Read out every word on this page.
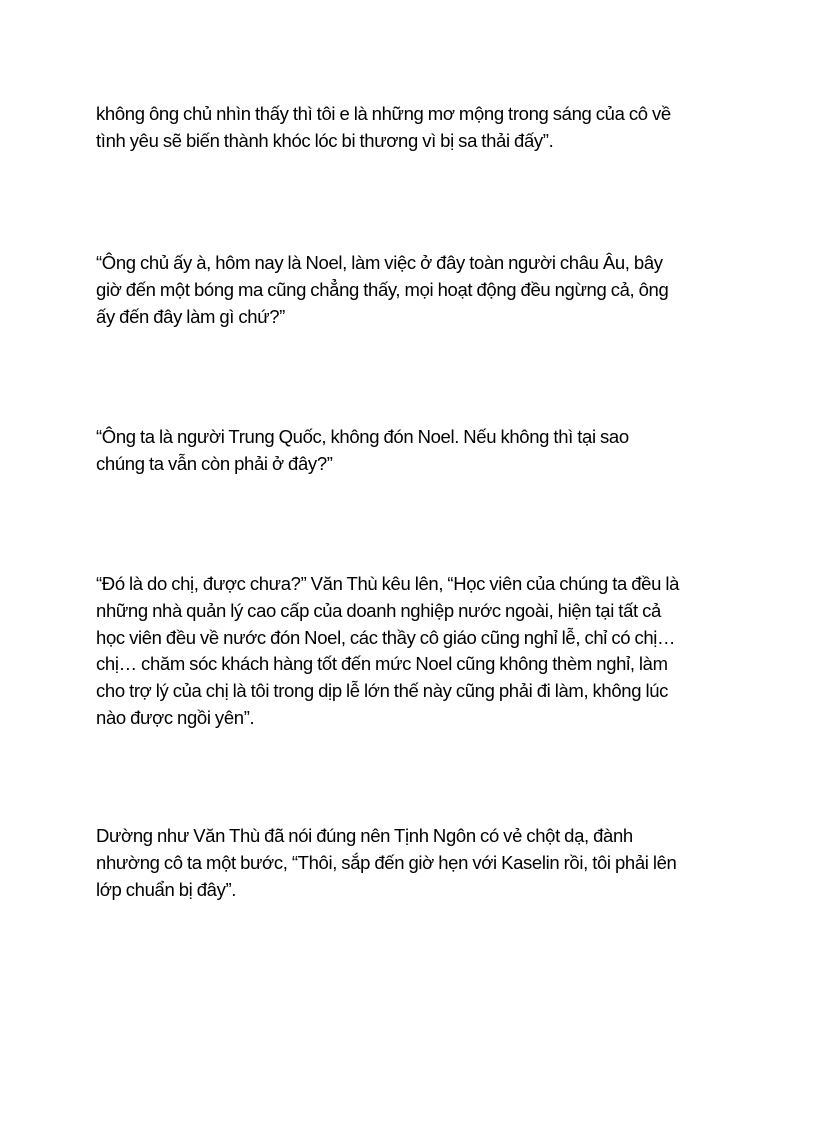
không ông chủ nhìn thấy thì tôi e là những mơ mộng trong sáng của cô về
tình yêu sẽ biến thành khóc lóc bi thương vì bị sa thải đấy”.

“Ông chủ ấy à, hôm nay là Noel, làm việc ở đây toàn người châu Âu, bây
giờ đến một bóng ma cũng chẳng thấy, mọi hoạt động đều ngừng cả, ông
ấy đến đây làm gì chứ?”

“Ông ta là người Trung Quốc, không đón Noel. Nếu không thì tại sao
chúng ta vẫn còn phải ở đây?”

“Đó là do chị, được chưa?” Văn Thù kêu lên, “Học viên của chúng ta đều là
những nhà quản lý cao cấp của doanh nghiệp nước ngoài, hiện tại tất cả
học viên đều về nước đón Noel, các thầy cô giáo cũng nghỉ lễ, chỉ có chị…
chị… chăm sóc khách hàng tốt đến mức Noel cũng không thèm nghỉ, làm
cho trợ lý của chị là tôi trong dịp lễ lớn thế này cũng phải đi làm, không lúc
nào được ngồi yên”.

Dường như Văn Thù đã nói đúng nên Tịnh Ngôn có vẻ chột dạ, đành
nhường cô ta một bước, “Thôi, sắp đến giờ hẹn với Kaselin rồi, tôi phải lên
lớp chuẩn bị đây”.
